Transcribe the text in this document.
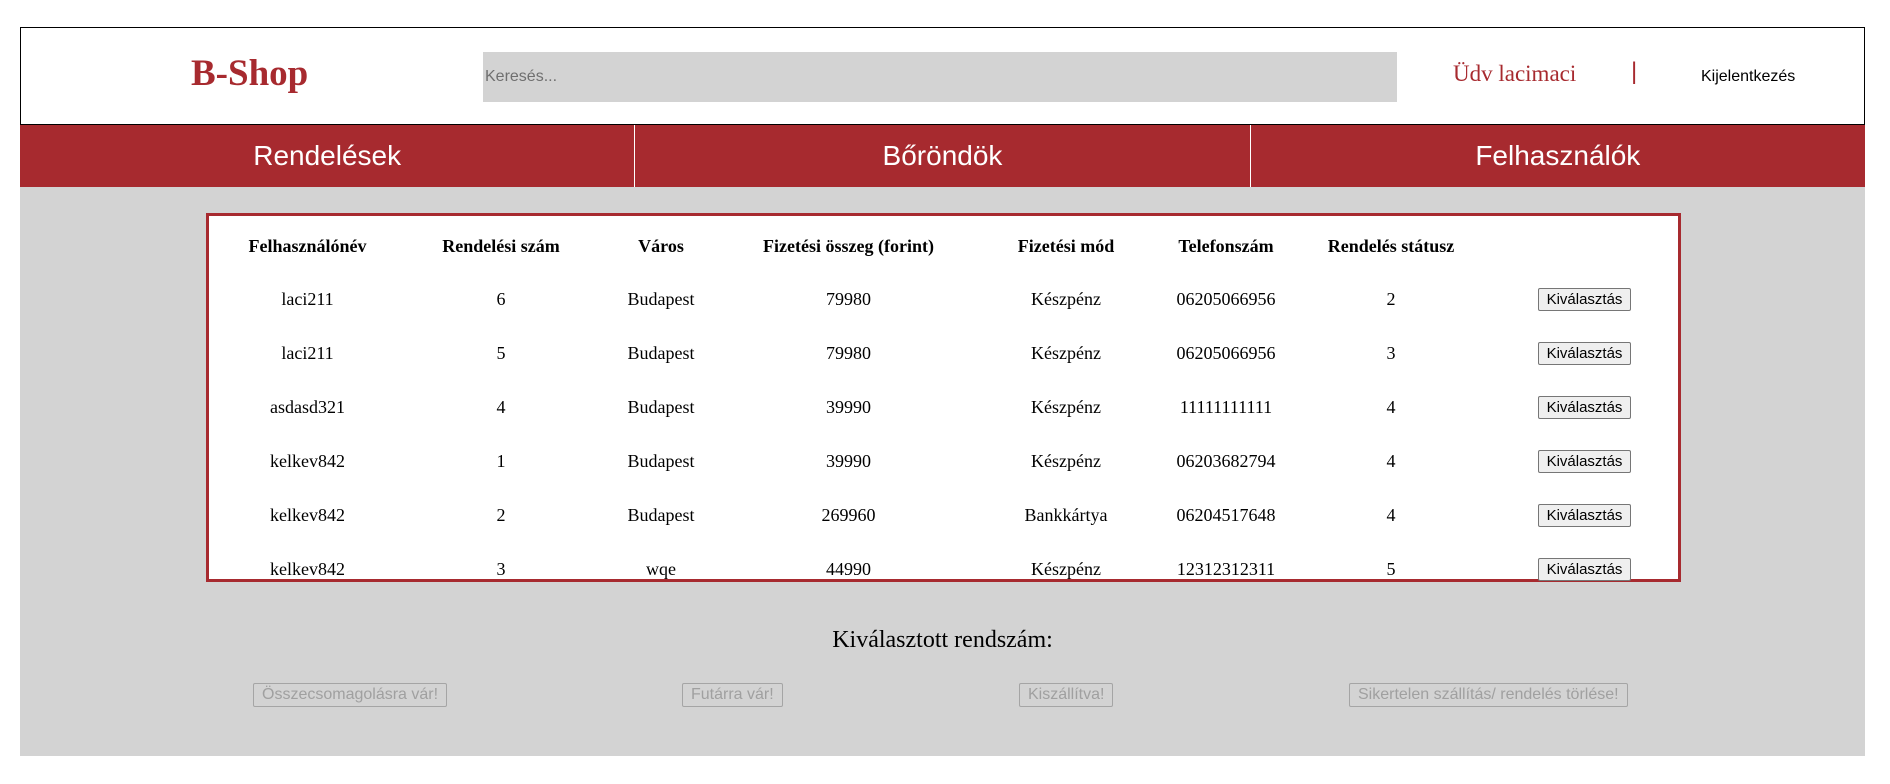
B-Shop
Keresés...	Üdv lacimaci |	Kijelentkezés
Rendelések	Bőröndök	Felhasználók
Felhasználónév	Rendelési szám	Város	Fizetési összeg (forint)	Fizetési mód	Telefonszám	Rendelés státusz	
laci211	6	Budapest	79980	Készpénz	06205066956	2	Kiválasztás
laci211	5	Budapest	79980	Készpénz	06205066956	3	Kiválasztás
asdasd321	4	Budapest	39990	Készpénz	11111111111	4	Kiválasztás
kelkev842	1	Budapest	39990	Készpénz	06203682794	4	Kiválasztás
kelkev842	2	Budapest	269960	Bankkártya	06204517648	4	Kiválasztás
kelkev842	3	wqe	44990	Készpénz	12312312311	5	Kiválasztás
Kiválasztott rendszám:
Összecsomagolásra vár!	Futárra vár!	Kiszállítva!	Sikertelen szállítás/ rendelés törlése!
